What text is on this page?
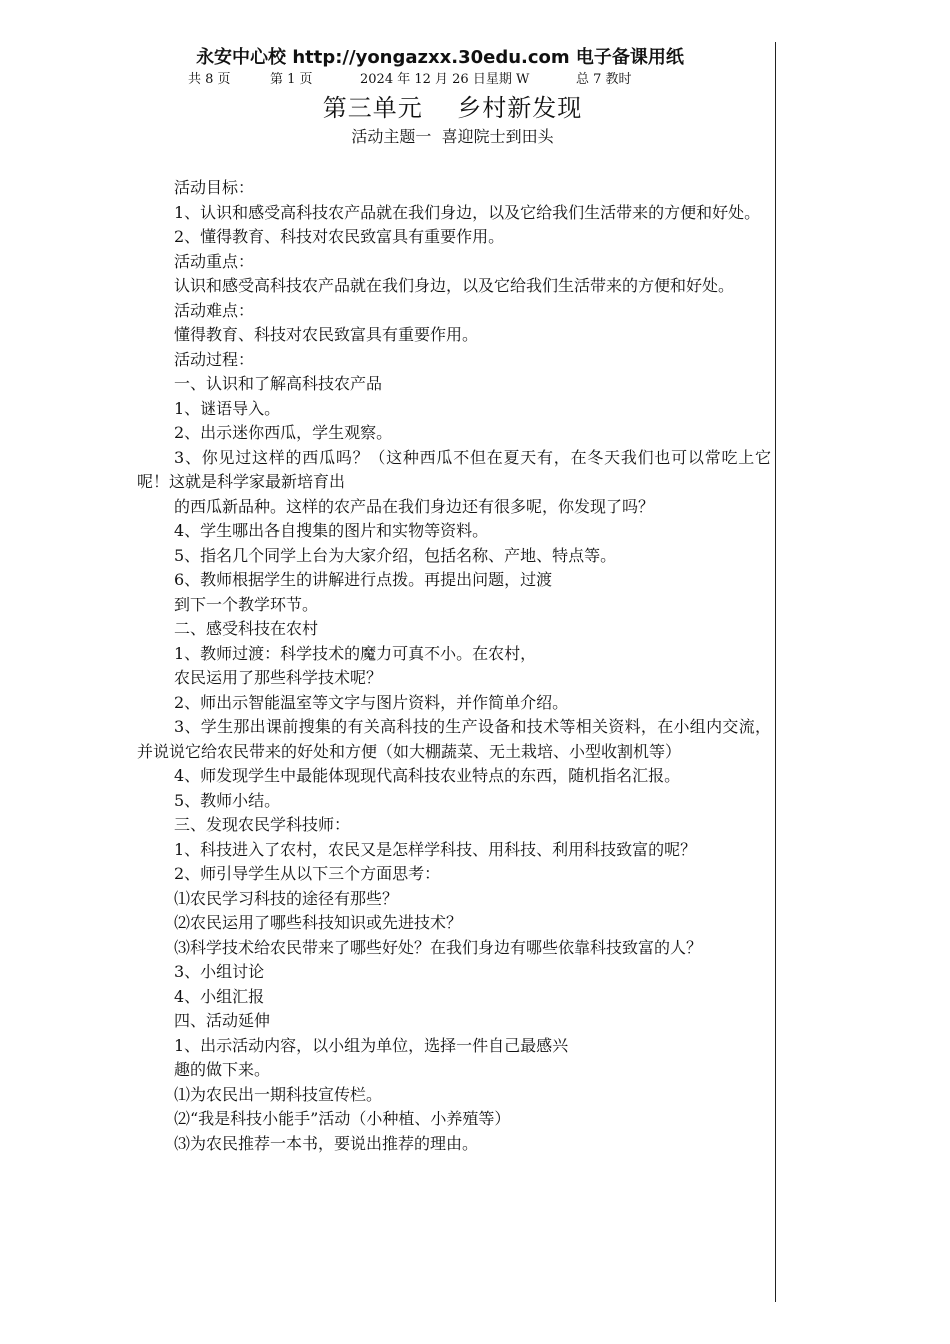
永安中心校 http://yongazxx.30edu.com 电子备课用纸
共 8 页	第 1 页	2024 年 12 月 26 日星期 W	总 7 教时
第三单元    乡村新发现
活动主题一  喜迎院士到田头
活动目标：
1、认识和感受高科技农产品就在我们身边，以及它给我们生活带来的方便和好处。
2、懂得教育、科技对农民致富具有重要作用。
活动重点：
认识和感受高科技农产品就在我们身边，以及它给我们生活带来的方便和好处。
活动难点：
懂得教育、科技对农民致富具有重要作用。
活动过程：
一、认识和了解高科技农产品
1、谜语导入。
2、出示迷你西瓜，学生观察。
3、你见过这样的西瓜吗？（这种西瓜不但在夏天有，在冬天我们也可以常吃上它呢！这就是科学家最新培育出
的西瓜新品种。这样的农产品在我们身边还有很多呢，你发现了吗？
4、学生哪出各自搜集的图片和实物等资料。
5、指名几个同学上台为大家介绍，包括名称、产地、特点等。
6、教师根据学生的讲解进行点拨。再提出问题，过渡
到下一个教学环节。
二、感受科技在农村
1、教师过渡：科学技术的魔力可真不小。在农村，
农民运用了那些科学技术呢？
2、师出示智能温室等文字与图片资料，并作简单介绍。
3、学生那出课前搜集的有关高科技的生产设备和技术等相关资料，在小组内交流，并说说它给农民带来的好处和方便（如大棚蔬菜、无土栽培、小型收割机等）
4、师发现学生中最能体现现代高科技农业特点的东西，随机指名汇报。
5、教师小结。
三、发现农民学科技师：
1、科技进入了农村，农民又是怎样学科技、用科技、利用科技致富的呢？
2、师引导学生从以下三个方面思考：
⑴农民学习科技的途径有那些？
⑵农民运用了哪些科技知识或先进技术？
⑶科学技术给农民带来了哪些好处？在我们身边有哪些依靠科技致富的人？
3、小组讨论
4、小组汇报
四、活动延伸
1、出示活动内容，以小组为单位，选择一件自己最感兴
趣的做下来。
⑴为农民出一期科技宣传栏。
⑵“我是科技小能手”活动（小种植、小养殖等）
⑶为农民推荐一本书，要说出推荐的理由。
